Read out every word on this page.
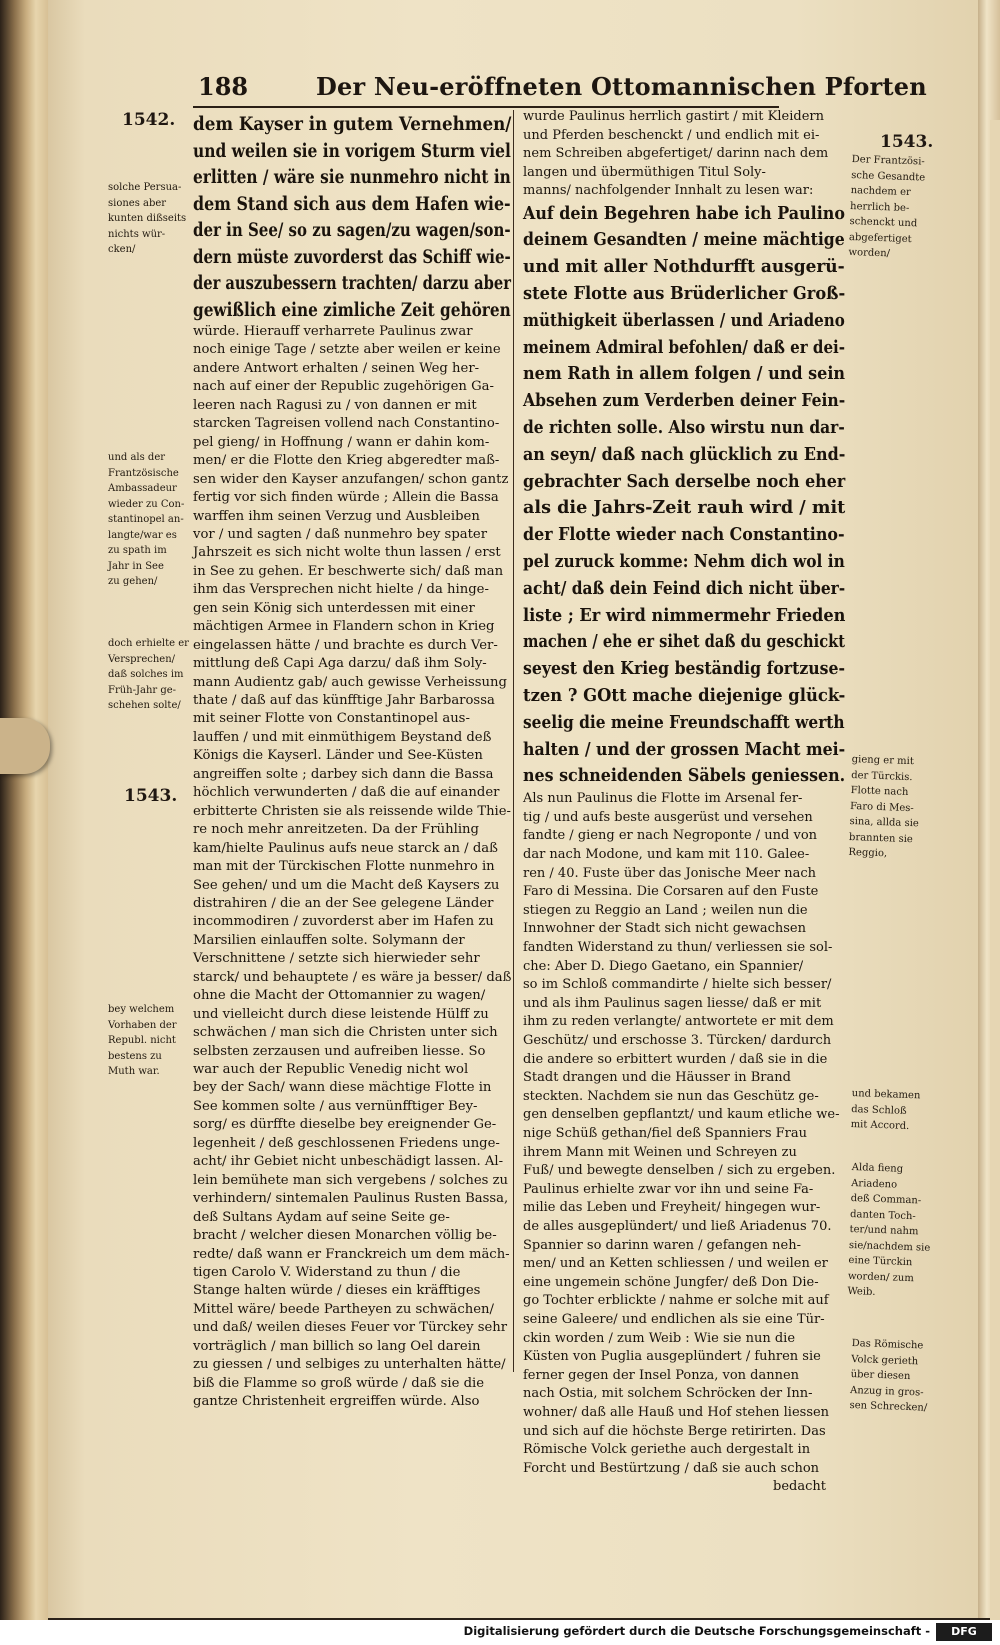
188	Der Neu-eröffneten Ottomannischen Pforten
1542.
1543.
1543.
solche Persua-
siones aber
kunten dißseits
nichts wür-
cken/
und als der
Frantzösische
Ambassadeur
wieder zu Con-
stantinopel an-
langte/war es
zu spath im
Jahr in See
zu gehen/
doch erhielte er
Versprechen/
daß solches im
Früh-Jahr ge-
schehen solte/
bey welchem
Vorhaben der
Republ. nicht
bestens zu
Muth war.
Der Frantzösi-
sche Gesandte
nachdem er
herrlich be-
schenckt und
abgefertiget
worden/
gieng er mit
der Türckis.
Flotte nach
Faro di Mes-
sina, allda sie
brannten sie
Reggio,
und bekamen
das Schloß
mit Accord.
Alda fieng
Ariadeno
deß Comman-
danten Toch-
ter/und nahm
sie/nachdem sie
eine Türckin
worden/ zum
Weib.
Das Römische
Volck gerieth
über diesen
Anzug in gros-
sen Schrecken/
dem Kayser in gutem Vernehmen/
und weilen sie in vorigem Sturm viel
erlitten / wäre sie nunmehro nicht in
dem Stand sich aus dem Hafen wie-
der in See/ so zu sagen/zu wagen/son-
dern müste zuvorderst das Schiff wie-
der auszubessern trachten/ darzu aber
gewißlich eine zimliche Zeit gehören
würde. Hierauff verharrete Paulinus zwar
noch einige Tage / setzte aber weilen er keine
andere Antwort erhalten / seinen Weg her-
nach auf einer der Republic zugehörigen Ga-
leeren nach Ragusi zu / von dannen er mit
starcken Tagreisen vollend nach Constantino-
pel gieng/ in Hoffnung / wann er dahin kom-
men/ er die Flotte den Krieg abgeredter maß-
sen wider den Kayser anzufangen/ schon gantz
fertig vor sich finden würde ; Allein die Bassa
warffen ihm seinen Verzug und Ausbleiben
vor / und sagten / daß nunmehro bey spater
Jahrszeit es sich nicht wolte thun lassen / erst
in See zu gehen. Er beschwerte sich/ daß man
ihm das Versprechen nicht hielte / da hinge-
gen sein König sich unterdessen mit einer
mächtigen Armee in Flandern schon in Krieg
eingelassen hätte / und brachte es durch Ver-
mittlung deß Capi Aga darzu/ daß ihm Soly-
mann Audientz gab/ auch gewisse Verheissung
thate / daß auf das künfftige Jahr Barbarossa
mit seiner Flotte von Constantinopel aus-
lauffen / und mit einmüthigem Beystand deß
Königs die Kayserl. Länder und See-Küsten
angreiffen solte ; darbey sich dann die Bassa
höchlich verwunderten / daß die auf einander
erbitterte Christen sie als reissende wilde Thie-
re noch mehr anreitzeten. Da der Frühling
kam/hielte Paulinus aufs neue starck an / daß
man mit der Türckischen Flotte nunmehro in
See gehen/ und um die Macht deß Kaysers zu
distrahiren / die an der See gelegene Länder
incommodiren / zuvorderst aber im Hafen zu
Marsilien einlauffen solte. Solymann der
Verschnittene / setzte sich hierwieder sehr
starck/ und behauptete / es wäre ja besser/ daß
ohne die Macht der Ottomannier zu wagen/
und vielleicht durch diese leistende Hülff zu
schwächen / man sich die Christen unter sich
selbsten zerzausen und aufreiben liesse. So
war auch der Republic Venedig nicht wol
bey der Sach/ wann diese mächtige Flotte in
See kommen solte / aus vernünfftiger Bey-
sorg/ es dürffte dieselbe bey ereignender Ge-
legenheit / deß geschlossenen Friedens unge-
acht/ ihr Gebiet nicht unbeschädigt lassen. Al-
lein bemühete man sich vergebens / solches zu
verhindern/ sintemalen Paulinus Rusten Bassa,
deß Sultans Aydam auf seine Seite ge-
bracht / welcher diesen Monarchen völlig be-
redte/ daß wann er Franckreich um dem mäch-
tigen Carolo V. Widerstand zu thun / die
Stange halten würde / dieses ein kräfftiges
Mittel wäre/ beede Partheyen zu schwächen/
und daß/ weilen dieses Feuer vor Türckey sehr
vorträglich / man billich so lang Oel darein
zu giessen / und selbiges zu unterhalten hätte/
biß die Flamme so groß würde / daß sie die
gantze Christenheit ergreiffen würde. Also
wurde Paulinus herrlich gastirt / mit Kleidern
und Pferden beschenckt / und endlich mit ei-
nem Schreiben abgefertiget/ darinn nach dem
langen und übermüthigen Titul Soly-
manns/ nachfolgender Innhalt zu lesen war:
Auf dein Begehren habe ich Paulino
deinem Gesandten / meine mächtige
und mit aller Nothdurfft ausgerü-
stete Flotte aus Brüderlicher Groß-
müthigkeit überlassen / und Ariadeno
meinem Admiral befohlen/ daß er dei-
nem Rath in allem folgen / und sein
Absehen zum Verderben deiner Fein-
de richten solle. Also wirstu nun dar-
an seyn/ daß nach glücklich zu End-
gebrachter Sach derselbe noch eher
als die Jahrs-Zeit rauh wird / mit
der Flotte wieder nach Constantino-
pel zuruck komme: Nehm dich wol in
acht/ daß dein Feind dich nicht über-
liste ; Er wird nimmermehr Frieden
machen / ehe er sihet daß du geschickt
seyest den Krieg beständig fortzuse-
tzen ? GOtt mache diejenige glück-
seelig die meine Freundschafft werth
halten / und der grossen Macht mei-
nes schneidenden Säbels geniessen.
Als nun Paulinus die Flotte im Arsenal fer-
tig / und aufs beste ausgerüst und versehen
fandte / gieng er nach Negroponte / und von
dar nach Modone, und kam mit 110. Galee-
ren / 40. Fuste über das Jonische Meer nach
Faro di Messina. Die Corsaren auf den Fuste
stiegen zu Reggio an Land ; weilen nun die
Innwohner der Stadt sich nicht gewachsen
fandten Widerstand zu thun/ verliessen sie sol-
che: Aber D. Diego Gaetano, ein Spannier/
so im Schloß commandirte / hielte sich besser/
und als ihm Paulinus sagen liesse/ daß er mit
ihm zu reden verlangte/ antwortete er mit dem
Geschütz/ und erschosse 3. Türcken/ dardurch
die andere so erbittert wurden / daß sie in die
Stadt drangen und die Häusser in Brand
steckten. Nachdem sie nun das Geschütz ge-
gen denselben gepflantzt/ und kaum etliche we-
nige Schüß gethan/fiel deß Spanniers Frau
ihrem Mann mit Weinen und Schreyen zu
Fuß/ und bewegte denselben / sich zu ergeben.
Paulinus erhielte zwar vor ihn und seine Fa-
milie das Leben und Freyheit/ hingegen wur-
de alles ausgeplündert/ und ließ Ariadenus 70.
Spannier so darinn waren / gefangen neh-
men/ und an Ketten schliessen / und weilen er
eine ungemein schöne Jungfer/ deß Don Die-
go Tochter erblickte / nahme er solche mit auf
seine Galeere/ und endlichen als sie eine Tür-
ckin worden / zum Weib : Wie sie nun die
Küsten von Puglia ausgeplündert / fuhren sie
ferner gegen der Insel Ponza, von dannen
nach Ostia, mit solchem Schröcken der Inn-
wohner/ daß alle Hauß und Hof stehen liessen
und sich auf die höchste Berge retirirten. Das
Römische Volck geriethe auch dergestalt in
Forcht und Bestürtzung / daß sie auch schon
bedacht
Digitalisierung gefördert durch die Deutsche Forschungsgemeinschaft -	DFG
